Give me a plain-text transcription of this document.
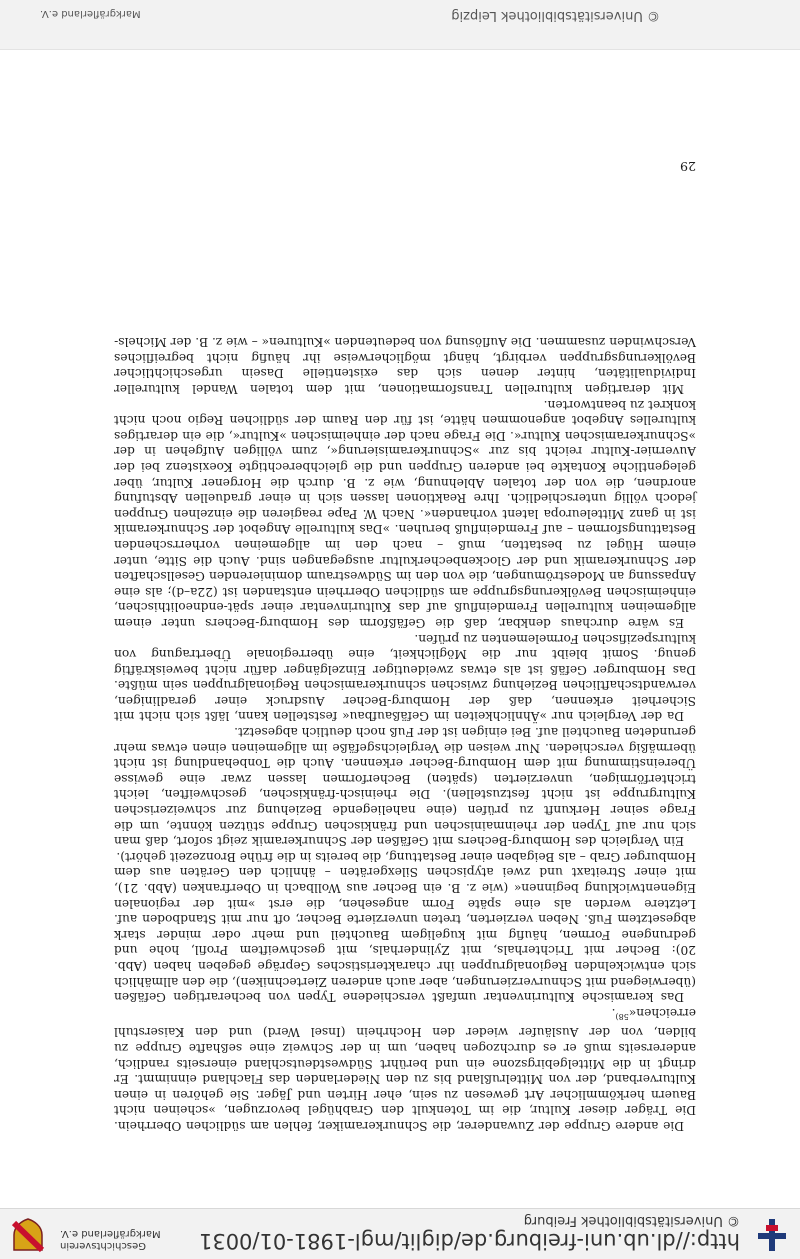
http://dl.ub.uni-freiburg.de/diglit/mgl-1981-01/0031
© Universitätsbibliothek Freiburg
Geschichtsverein
Markgräflerland e.V.

Die andere Gruppe der Zuwanderer, die Schnurkeramiker, fehlen am südlichen Oberrhein. Die Träger dieser Kultur, die im Totenkult den Grabhügel bevorzugen, »scheinen nicht Bauern herkömmlicher Art gewesen zu sein, eher Hirten und Jäger. Sie gehören in einen Kulturverband, der von Mittelrußland bis zu den Niederlanden das Flachland einnimmt. Er dringt in die Mittelgebirgszone ein und berührt Südwestdeutschland einerseits randlich, andererseits muß er es durchzogen haben, um in der Schweiz eine seßhafte Gruppe zu bilden, von der Ausläufer wieder den Hochrhein (Insel Werd) und den Kaiserstuhl erreichen«$^{58)}$.

Das keramische Kulturinventar umfaßt verschiedene Typen von becherartigen Gefäßen (überwiegend mit Schnurverzierungen, aber auch anderen Ziertechniken), die den allmählich sich entwickelnden Regionalgruppen ihr charakteristisches Gepräge gegeben haben (Abb. 20): Becher mit Trichterhals, mit Zylinderhals, mit geschweiftem Profil, hohe und gedrungene Formen, häufig mit kugeligem Bauchteil und mehr oder minder stark abgesetztem Fuß. Neben verzierten, treten unverzierte Becher, oft nur mit Standboden auf. Letztere werden als eine späte Form angesehen, die erst »mit der regionalen Eigenentwicklung beginnen« (wie z. B. ein Becher aus Wollbach in Oberfranken (Abb. 21), mit einer Streitaxt und zwei atypischen Silexgeräten – ähnlich den Geräten aus dem Homburger Grab – als Beigaben einer Bestattung, die bereits in die frühe Bronzezeit gehört).

Ein Vergleich des Homburg-Bechers mit Gefäßen der Schnurkeramik zeigt sofort, daß man sich nur auf Typen der rheinmainischen und fränkischen Gruppe stützen könnte, um die Frage seiner Herkunft zu prüfen (eine naheliegende Beziehung zur schweizerischen Kulturgruppe ist nicht festzustellen). Die rheinisch-fränkischen, geschweiften, leicht trichterförmigen, unverzierten (späten) Becherformen lassen zwar eine gewisse Übereinstimmung mit dem Homburg-Becher erkennen. Auch die Tonbehandlung ist nicht übermäßig verschieden. Nur weisen die Vergleichsgefäße im allgemeinen einen etwas mehr gerundeten Bauchteil auf. Bei einigen ist der Fuß noch deutlich abgesetzt.

Da der Vergleich nur »Ähnlichkeiten im Gefäßaufbau« feststellen kann, läßt sich nicht mit Sicherheit erkennen, daß der Homburg-Becher Ausdruck einer geradlinigen, verwandtschaftlichen Beziehung zwischen schnurkeramischen Regionalgruppen sein müßte. Das Homburger Gefäß ist als etwas zweideutiger Einzelgänger dafür nicht beweiskräftig genug. Somit bleibt nur die Möglichkeit, eine überregionale Übertragung von kulturspezifischen Formelementen zu prüfen.

Es wäre durchaus denkbar, daß die Gefäßform des Homburg-Bechers unter einem allgemeinen kulturellen Fremdeinfluß auf das Kulturinventar einer spät-endneolithischen, einheimischen Bevölkerungsgruppe am südlichen Oberrhein entstanden ist (22a–d); als eine Anpassung an Modeströmungen, die von den im Südwestraum dominierenden Gesellschaften der Schnurkeramik und der Glockenbecherkultur ausgegangen sind. Auch die Sitte, unter einem Hügel zu bestatten, muß – nach den im allgemeinen vorherrschenden Bestattungsformen – auf Fremdeinfluß beruhen. »Das kulturelle Angebot der Schnurkeramik ist in ganz Mitteleuropa latent vorhanden«. Nach W. Pape reagieren die einzelnen Gruppen jedoch völlig unterschiedlich. Ihre Reaktionen lassen sich in einer graduellen Abstufung anordnen, die von der totalen Ablehnung, wie z. B. durch die Horgener Kultur, über gelegentliche Kontakte bei anderen Gruppen und die gleichberechtigte Koexistenz bei der Auvernier-Kultur reicht bis zur »Schnurkeramisierung«, zum völligen Aufgehen in der »Schnurkeramischen Kultur«. Die Frage nach der einheimischen »Kultur«, die ein derartiges kulturelles Angebot angenommen hätte, ist für den Raum der südlichen Regio noch nicht konkret zu beantworten.

Mit derartigen kulturellen Transformationen, mit dem totalen Wandel kultureller Individualitäten, hinter denen sich das existentielle Dasein urgeschichtlicher Bevölkerungsgruppen verbirgt, hängt möglicherweise ihr häufig nicht begreifliches Verschwinden zusammen. Die Auflösung von bedeutenden »Kulturen« – wie z. B. der Michels-

29
© Universitätsbibliothek Leipzig
Markgräflerland e.V.
